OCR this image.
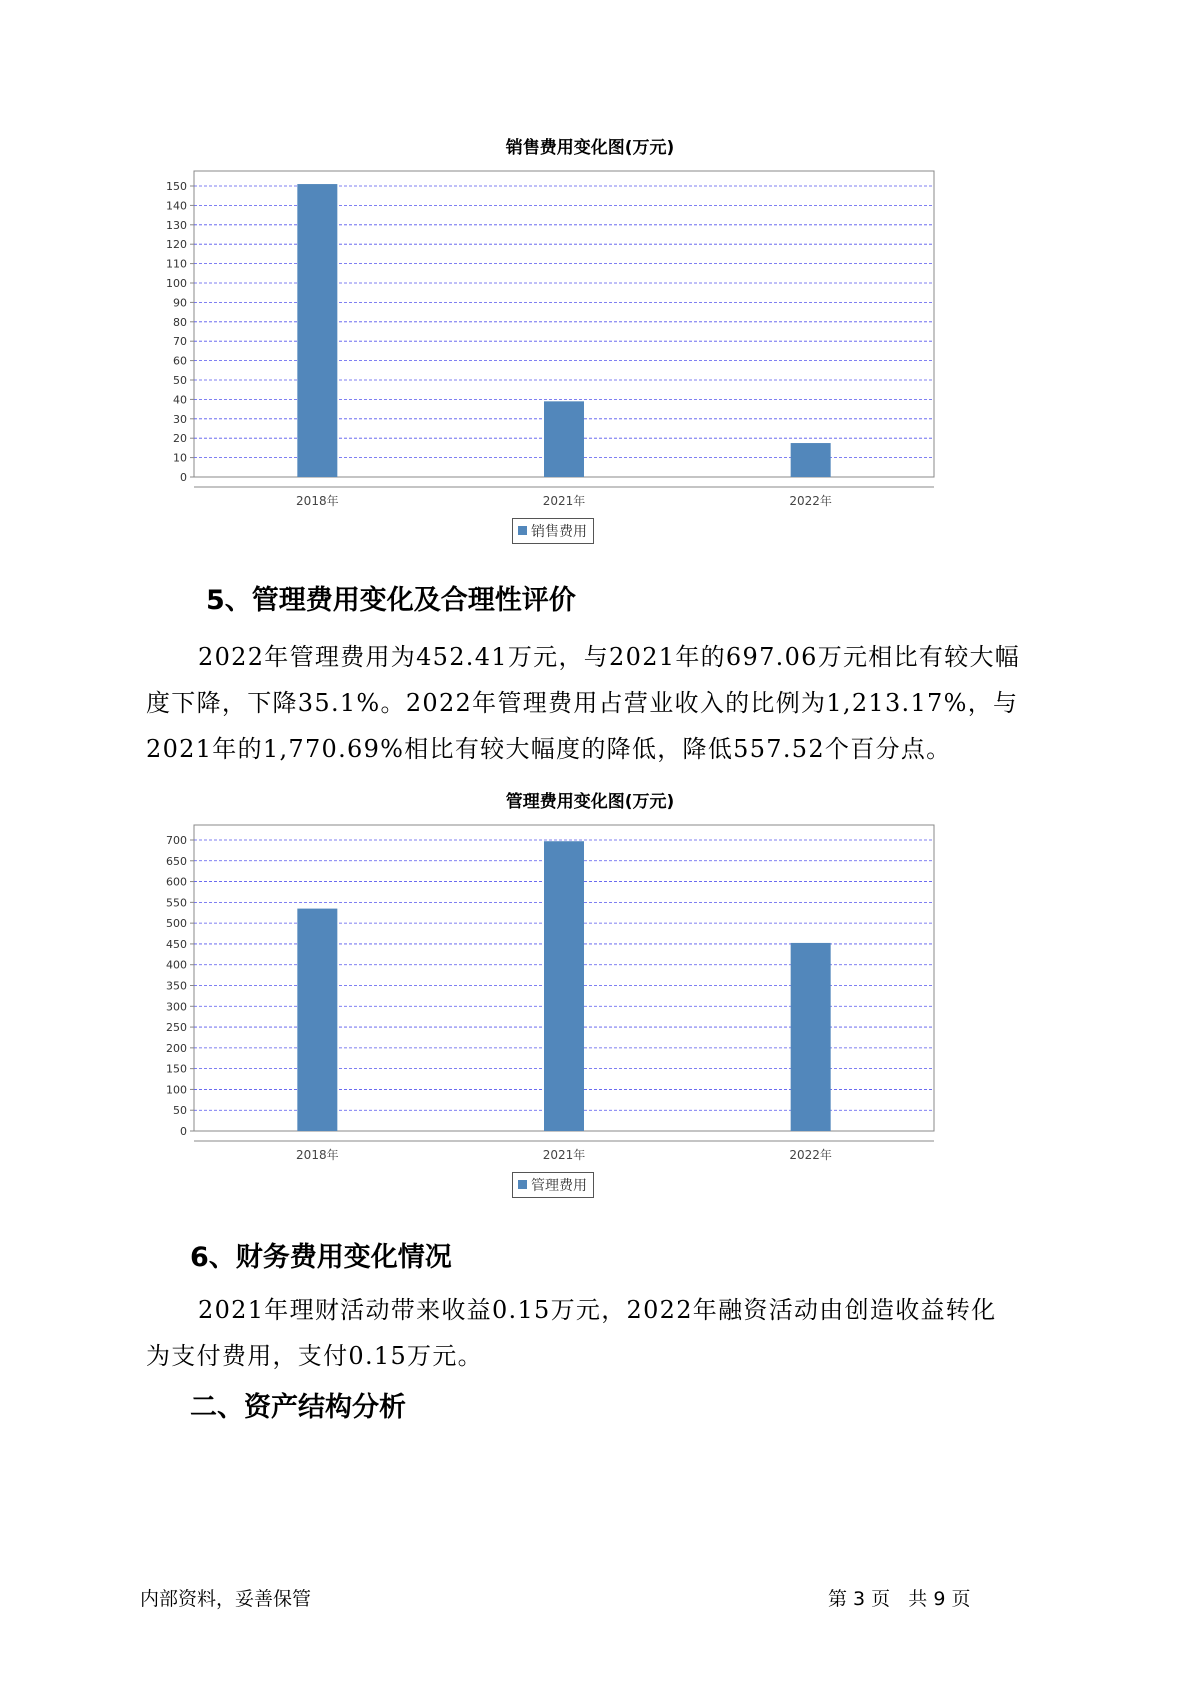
销售费用变化图(万元)
0
10
20
30
40
50
60
70
80
90
100
110
120
130
140
150
2018年	2021年	2022年
销售费用
5、管理费用变化及合理性评价
2022年管理费用为452.41万元，与2021年的697.06万元相比有较大幅
度下降，下降35.1%。2022年管理费用占营业收入的比例为1,213.17%，与
2021年的1,770.69%相比有较大幅度的降低，降低557.52个百分点。
管理费用变化图(万元)
0
50
100
150
200
250
300
350
400
450
500
550
600
650
700
2018年	2021年	2022年
管理费用
6、财务费用变化情况
2021年理财活动带来收益0.15万元，2022年融资活动由创造收益转化
为支付费用，支付0.15万元。
二、资产结构分析
内部资料，妥善保管	第 3 页   共 9 页
